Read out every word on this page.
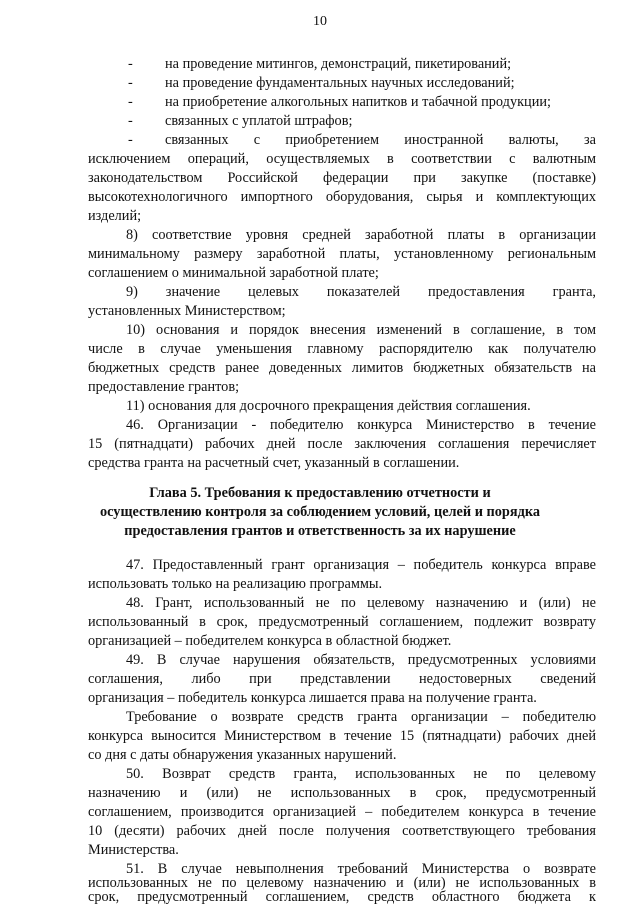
10
- на проведение митингов, демонстраций, пикетирований;
- на проведение фундаментальных научных исследований;
- на приобретение алкогольных напитков и табачной продукции;
- связанных с уплатой штрафов;
- связанных с приобретением иностранной валюты, за
исключением операций, осуществляемых в соответствии с валютным
законодательством Российской федерации при закупке (поставке)
высокотехнологичного импортного оборудования, сырья и комплектующих
изделий;
8) соответствие уровня средней заработной платы в организации
минимальному размеру заработной платы, установленному региональным
соглашением о минимальной заработной плате;
9) значение целевых показателей предоставления гранта,
установленных Министерством;
10) основания и порядок внесения изменений в соглашение, в том
числе в случае уменьшения главному распорядителю как получателю
бюджетных средств ранее доведенных лимитов бюджетных обязательств на
предоставление грантов;
11) основания для досрочного прекращения действия соглашения.
46. Организации - победителю конкурса Министерство в течение
15 (пятнадцати) рабочих дней после заключения соглашения перечисляет
средства гранта на расчетный счет, указанный в соглашении.
Глава 5. Требования к предоставлению отчетности и
осуществлению контроля за соблюдением условий, целей и порядка
предоставления грантов и ответственность за их нарушение
47. Предоставленный грант организация – победитель конкурса вправе
использовать только на реализацию программы.
48. Грант, использованный не по целевому назначению и (или) не
использованный в срок, предусмотренный соглашением, подлежит возврату
организацией – победителем конкурса в областной бюджет.
49. В случае нарушения обязательств, предусмотренных условиями
соглашения, либо при представлении недостоверных сведений
организация – победитель конкурса лишается права на получение гранта.
Требование о возврате средств гранта организации – победителю
конкурса выносится Министерством в течение 15 (пятнадцати) рабочих дней
со дня с даты обнаружения указанных нарушений.
50. Возврат средств гранта, использованных не по целевому
назначению и (или) не использованных в срок, предусмотренный
соглашением, производится организацией – победителем конкурса в течение
10 (десяти) рабочих дней после получения соответствующего требования
Министерства.
51. В случае невыполнения требований Министерства о возврате
использованных не по целевому назначению и (или) не использованных в
срок, предусмотренный соглашением, средств областного бюджета к
